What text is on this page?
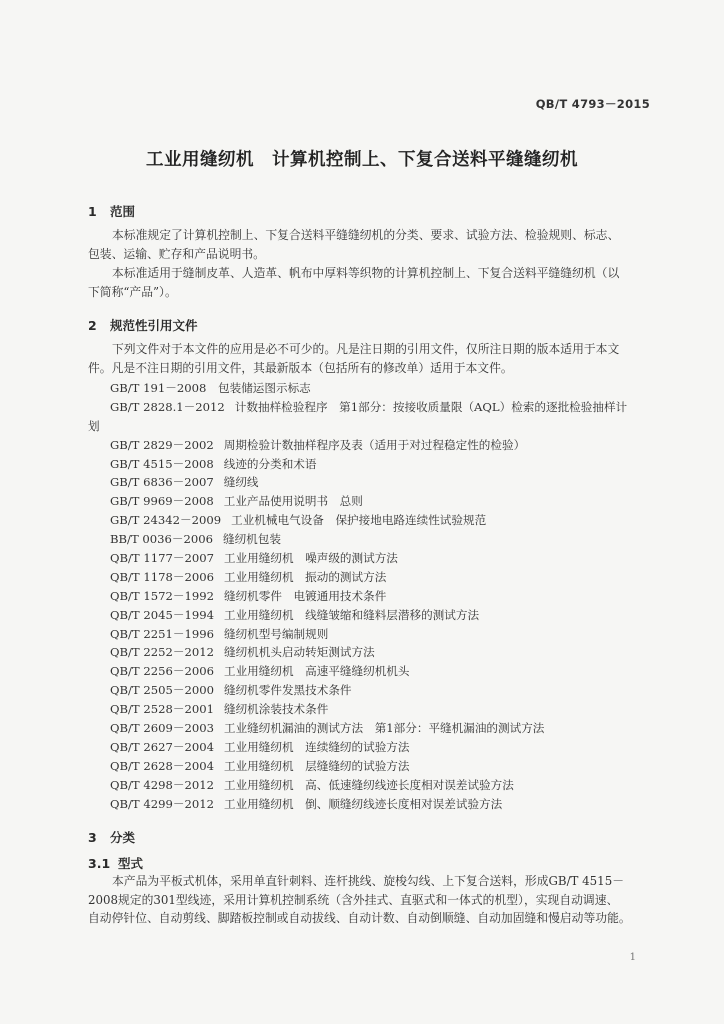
QB/T 4793－2015
工业用缝纫机　计算机控制上、下复合送料平缝缝纫机
1 范围
本标准规定了计算机控制上、下复合送料平缝缝纫机的分类、要求、试验方法、检验规则、标志、
包装、运输、贮存和产品说明书。
本标准适用于缝制皮革、人造革、帆布中厚料等织物的计算机控制上、下复合送料平缝缝纫机（以
下简称“产品”）。
2 规范性引用文件
下列文件对于本文件的应用是必不可少的。凡是注日期的引用文件，仅所注日期的版本适用于本文
件。凡是不注日期的引用文件，其最新版本（包括所有的修改单）适用于本文件。
GB/T 191－2008 包装储运图示标志
GB/T 2828.1－2012 计数抽样检验程序　第1部分：按接收质量限（AQL）检索的逐批检验抽样计
划
GB/T 2829－2002 周期检验计数抽样程序及表（适用于对过程稳定性的检验）
GB/T 4515－2008 线迹的分类和术语
GB/T 6836－2007 缝纫线
GB/T 9969－2008 工业产品使用说明书　总则
GB/T 24342－2009 工业机械电气设备　保护接地电路连续性试验规范
BB/T 0036－2006 缝纫机包装
QB/T 1177－2007 工业用缝纫机　噪声级的测试方法
QB/T 1178－2006 工业用缝纫机　振动的测试方法
QB/T 1572－1992 缝纫机零件　电镀通用技术条件
QB/T 2045－1994 工业用缝纫机　线缝皱缩和缝料层潜移的测试方法
QB/T 2251－1996 缝纫机型号编制规则
QB/T 2252－2012 缝纫机机头启动转矩测试方法
QB/T 2256－2006 工业用缝纫机　高速平缝缝纫机机头
QB/T 2505－2000 缝纫机零件发黑技术条件
QB/T 2528－2001 缝纫机涂装技术条件
QB/T 2609－2003 工业缝纫机漏油的测试方法　第1部分：平缝机漏油的测试方法
QB/T 2627－2004 工业用缝纫机　连续缝纫的试验方法
QB/T 2628－2004 工业用缝纫机　层缝缝纫的试验方法
QB/T 4298－2012 工业用缝纫机　高、低速缝纫线迹长度相对误差试验方法
QB/T 4299－2012 工业用缝纫机　倒、顺缝纫线迹长度相对误差试验方法
3 分类
3.1 型式
本产品为平板式机体，采用单直针刺料、连杆挑线、旋梭勾线、上下复合送料，形成GB/T 4515－
2008规定的301型线迹，采用计算机控制系统（含外挂式、直驱式和一体式的机型），实现自动调速、
自动停针位、自动剪线、脚踏板控制或自动拔线、自动计数、自动倒顺缝、自动加固缝和慢启动等功能。
1
